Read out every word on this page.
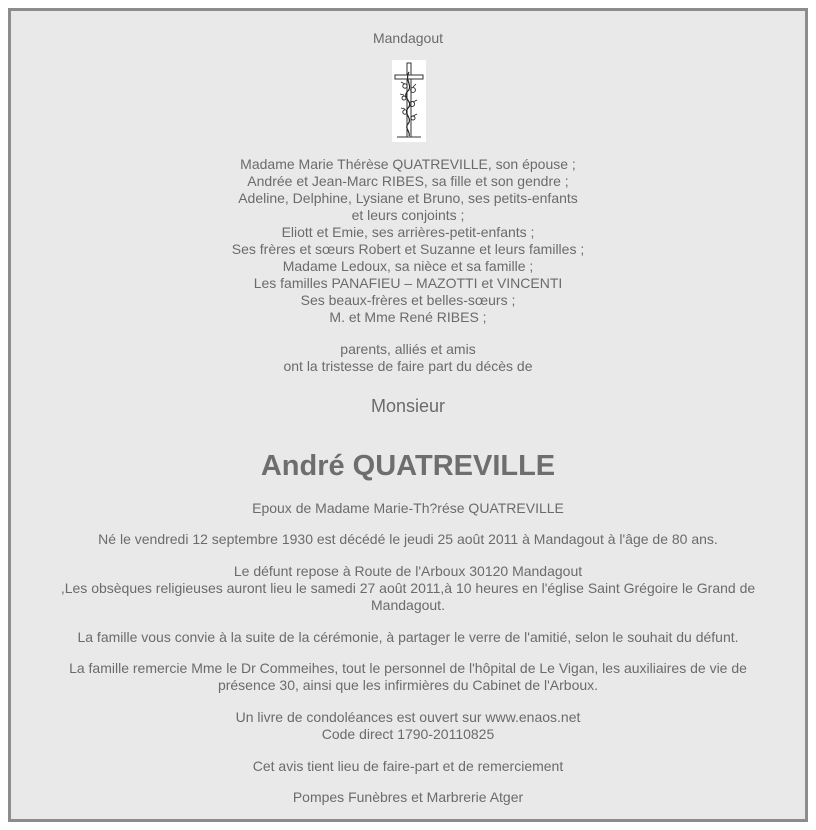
Mandagout
Madame Marie Thérèse QUATREVILLE, son épouse ;
Andrée et Jean-Marc RIBES, sa fille et son gendre ;
Adeline, Delphine, Lysiane et Bruno, ses petits-enfants
et leurs conjoints ;
Eliott et Emie, ses arrières-petit-enfants ;
Ses frères et sœurs Robert et Suzanne et leurs familles ;
Madame Ledoux, sa nièce et sa famille ;
Les familles PANAFIEU – MAZOTTI et VINCENTI
Ses beaux-frères et belles-sœurs ;
M. et Mme René RIBES ;
parents, alliés et amis
ont la tristesse de faire part du décès de
Monsieur
André QUATREVILLE
Epoux de Madame Marie-Th?rése QUATREVILLE
Né le vendredi 12 septembre 1930 est décédé le jeudi 25 août 2011 à Mandagout à l'âge de 80 ans.
Le défunt repose à Route de l'Arboux 30120 Mandagout
,Les obsèques religieuses auront lieu le samedi 27 août 2011,à 10 heures en l'église Saint Grégoire le Grand de Mandagout.
La famille vous convie à la suite de la cérémonie, à partager le verre de l'amitié, selon le souhait du défunt.
La famille remercie Mme le Dr Commeihes, tout le personnel de l'hôpital de Le Vigan, les auxiliaires de vie de présence 30, ainsi que les infirmières du Cabinet de l'Arboux.
Un livre de condoléances est ouvert sur www.enaos.net
Code direct 1790-20110825
Cet avis tient lieu de faire-part et de remerciement
Pompes Funèbres et Marbrerie Atger
